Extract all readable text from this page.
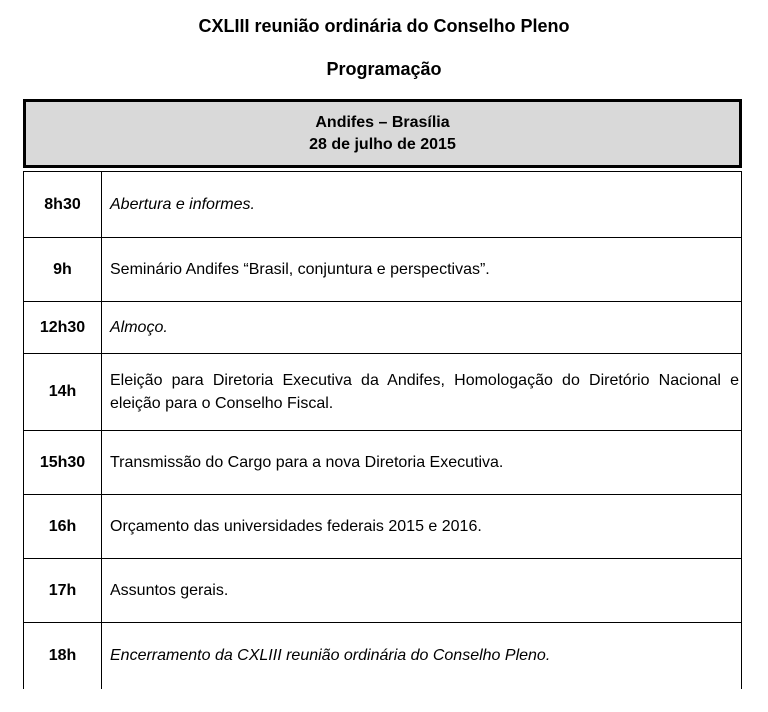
CXLIII reunião ordinária do Conselho Pleno
Programação
Andifes – Brasília
28 de julho de 2015
8h30	Abertura e informes.
9h	Seminário Andifes “Brasil, conjuntura e perspectivas”.
12h30	Almoço.
14h	Eleição para Diretoria Executiva da Andifes, Homologação do Diretório Nacional e eleição para o Conselho Fiscal.
15h30	Transmissão do Cargo para a nova Diretoria Executiva.
16h	Orçamento das universidades federais 2015 e 2016.
17h	Assuntos gerais.
18h	Encerramento da CXLIII reunião ordinária do Conselho Pleno.
